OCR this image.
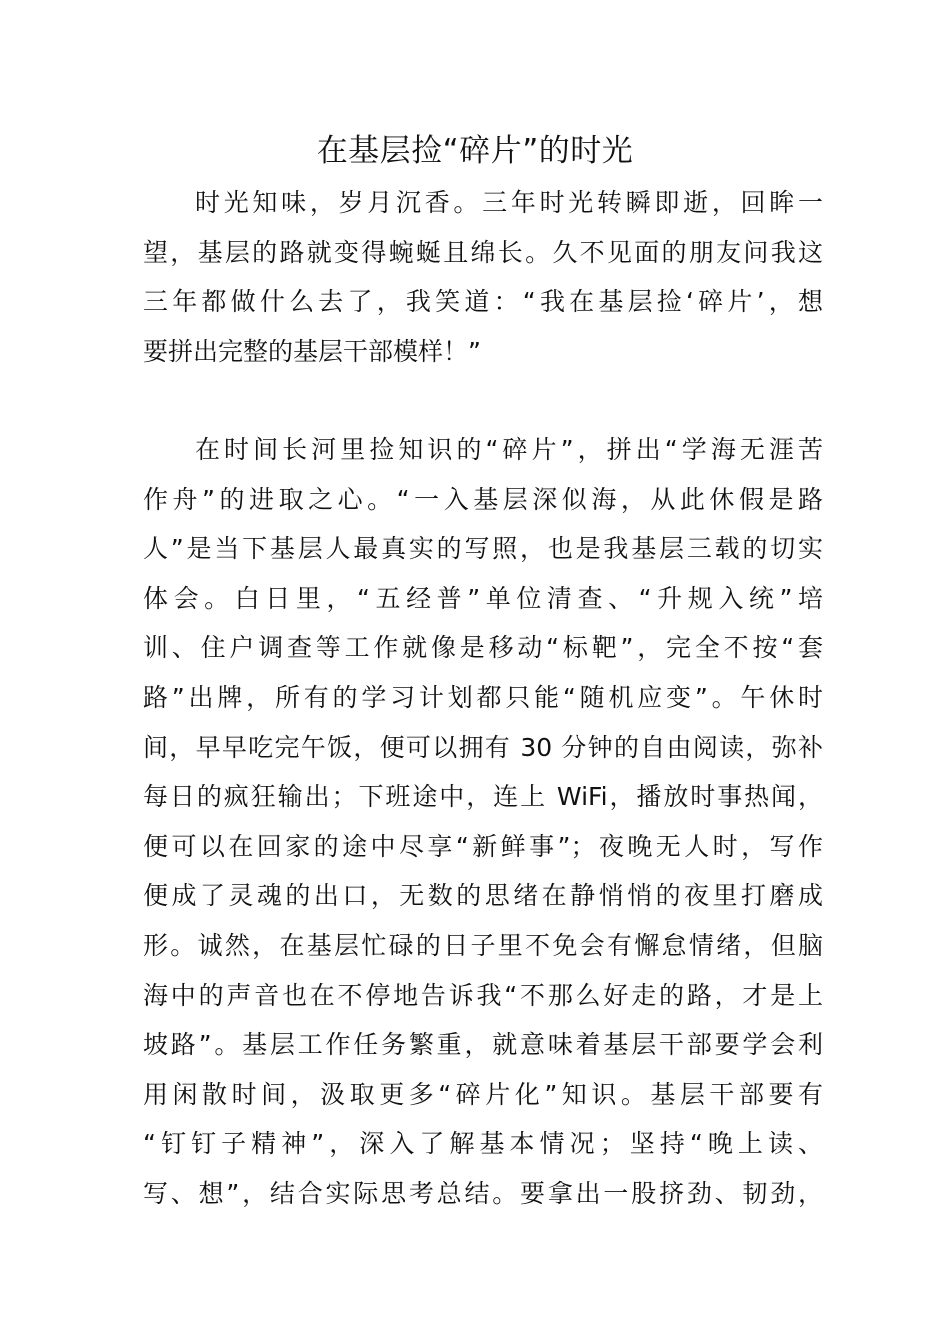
在基层捡“碎片”的时光
时光知味，岁月沉香。三年时光转瞬即逝，回眸一
望，基层的路就变得蜿蜒且绵长。久不见面的朋友问我这
三年都做什么去了，我笑道：“我在基层捡‘碎片’，想
要拼出完整的基层干部模样！”
在时间长河里捡知识的“碎片”，拼出“学海无涯苦
作舟”的进取之心。“一入基层深似海，从此休假是路
人”是当下基层人最真实的写照，也是我基层三载的切实
体会。白日里，“五经普”单位清查、“升规入统”培
训、住户调查等工作就像是移动“标靶”，完全不按“套
路”出牌，所有的学习计划都只能“随机应变”。午休时
间，早早吃完午饭，便可以拥有 30 分钟的自由阅读，弥补
每日的疯狂输出；下班途中，连上 WiFi，播放时事热闻，
便可以在回家的途中尽享“新鲜事”；夜晚无人时，写作
便成了灵魂的出口，无数的思绪在静悄悄的夜里打磨成
形。诚然，在基层忙碌的日子里不免会有懈怠情绪，但脑
海中的声音也在不停地告诉我“不那么好走的路，才是上
坡路”。基层工作任务繁重，就意味着基层干部要学会利
用闲散时间，汲取更多“碎片化”知识。基层干部要有
“钉钉子精神”，深入了解基本情况；坚持“晚上读、
写、想”，结合实际思考总结。要拿出一股挤劲、韧劲，
